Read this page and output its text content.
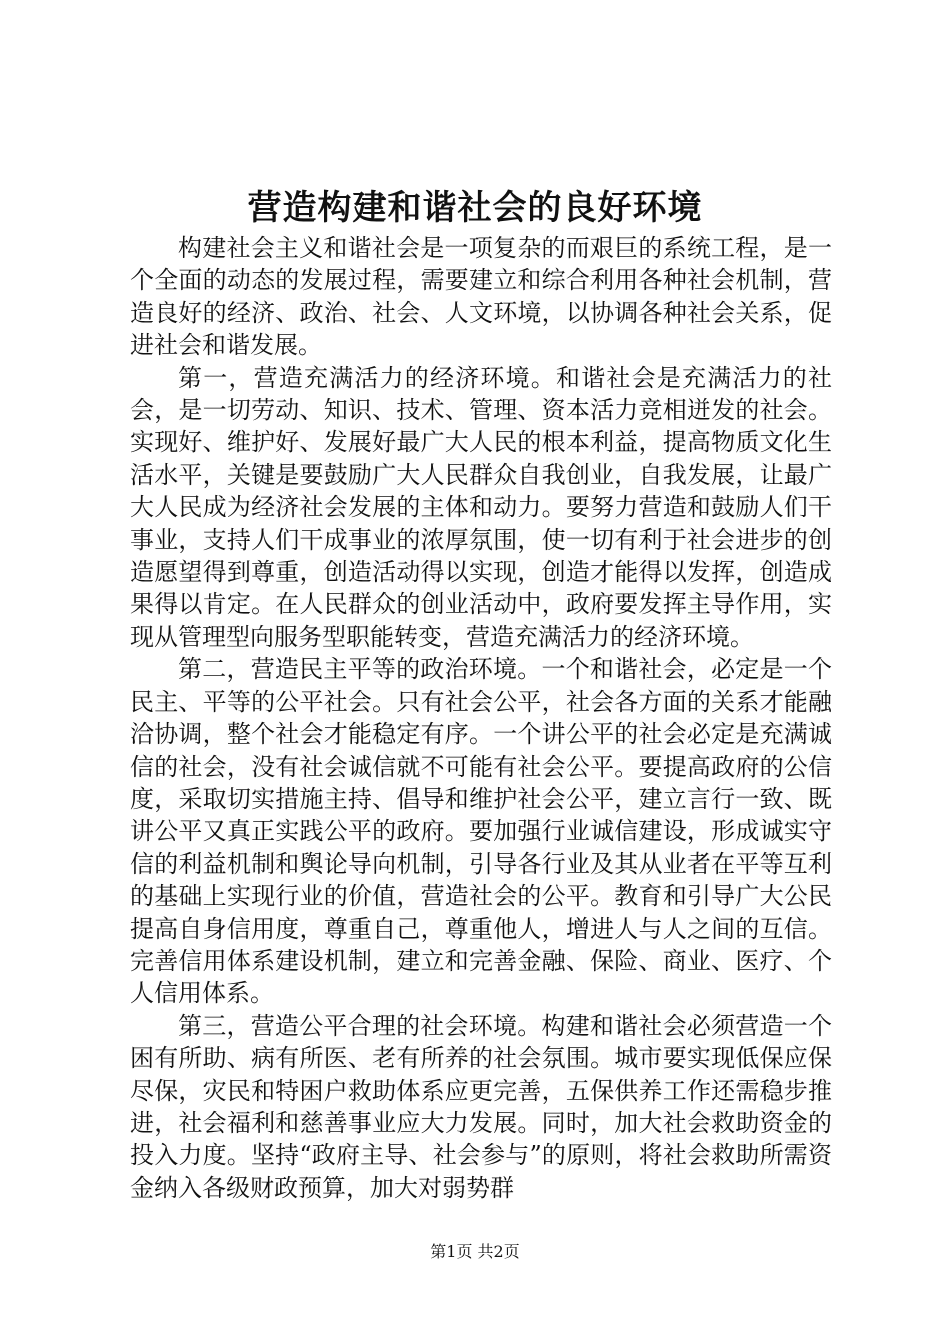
营造构建和谐社会的良好环境

构建社会主义和谐社会是一项复杂的而艰巨的系统工程，是一个全面的动态的发展过程，需要建立和综合利用各种社会机制，营造良好的经济、政治、社会、人文环境，以协调各种社会关系，促进社会和谐发展。

第一，营造充满活力的经济环境。和谐社会是充满活力的社会，是一切劳动、知识、技术、管理、资本活力竞相迸发的社会。实现好、维护好、发展好最广大人民的根本利益，提高物质文化生活水平，关键是要鼓励广大人民群众自我创业，自我发展，让最广大人民成为经济社会发展的主体和动力。要努力营造和鼓励人们干事业，支持人们干成事业的浓厚氛围，使一切有利于社会进步的创造愿望得到尊重，创造活动得以实现，创造才能得以发挥，创造成果得以肯定。在人民群众的创业活动中，政府要发挥主导作用，实现从管理型向服务型职能转变，营造充满活力的经济环境。

第二，营造民主平等的政治环境。一个和谐社会，必定是一个民主、平等的公平社会。只有社会公平，社会各方面的关系才能融洽协调，整个社会才能稳定有序。一个讲公平的社会必定是充满诚信的社会，没有社会诚信就不可能有社会公平。要提高政府的公信度，采取切实措施主持、倡导和维护社会公平，建立言行一致、既讲公平又真正实践公平的政府。要加强行业诚信建设，形成诚实守信的利益机制和舆论导向机制，引导各行业及其从业者在平等互利的基础上实现行业的价值，营造社会的公平。教育和引导广大公民提高自身信用度，尊重自己，尊重他人，增进人与人之间的互信。完善信用体系建设机制，建立和完善金融、保险、商业、医疗、个人信用体系。

第三，营造公平合理的社会环境。构建和谐社会必须营造一个困有所助、病有所医、老有所养的社会氛围。城市要实现低保应保尽保，灾民和特困户救助体系应更完善，五保供养工作还需稳步推进，社会福利和慈善事业应大力发展。同时，加大社会救助资金的投入力度。坚持“政府主导、社会参与”的原则，将社会救助所需资金纳入各级财政预算，加大对弱势群

第1页 共2页
